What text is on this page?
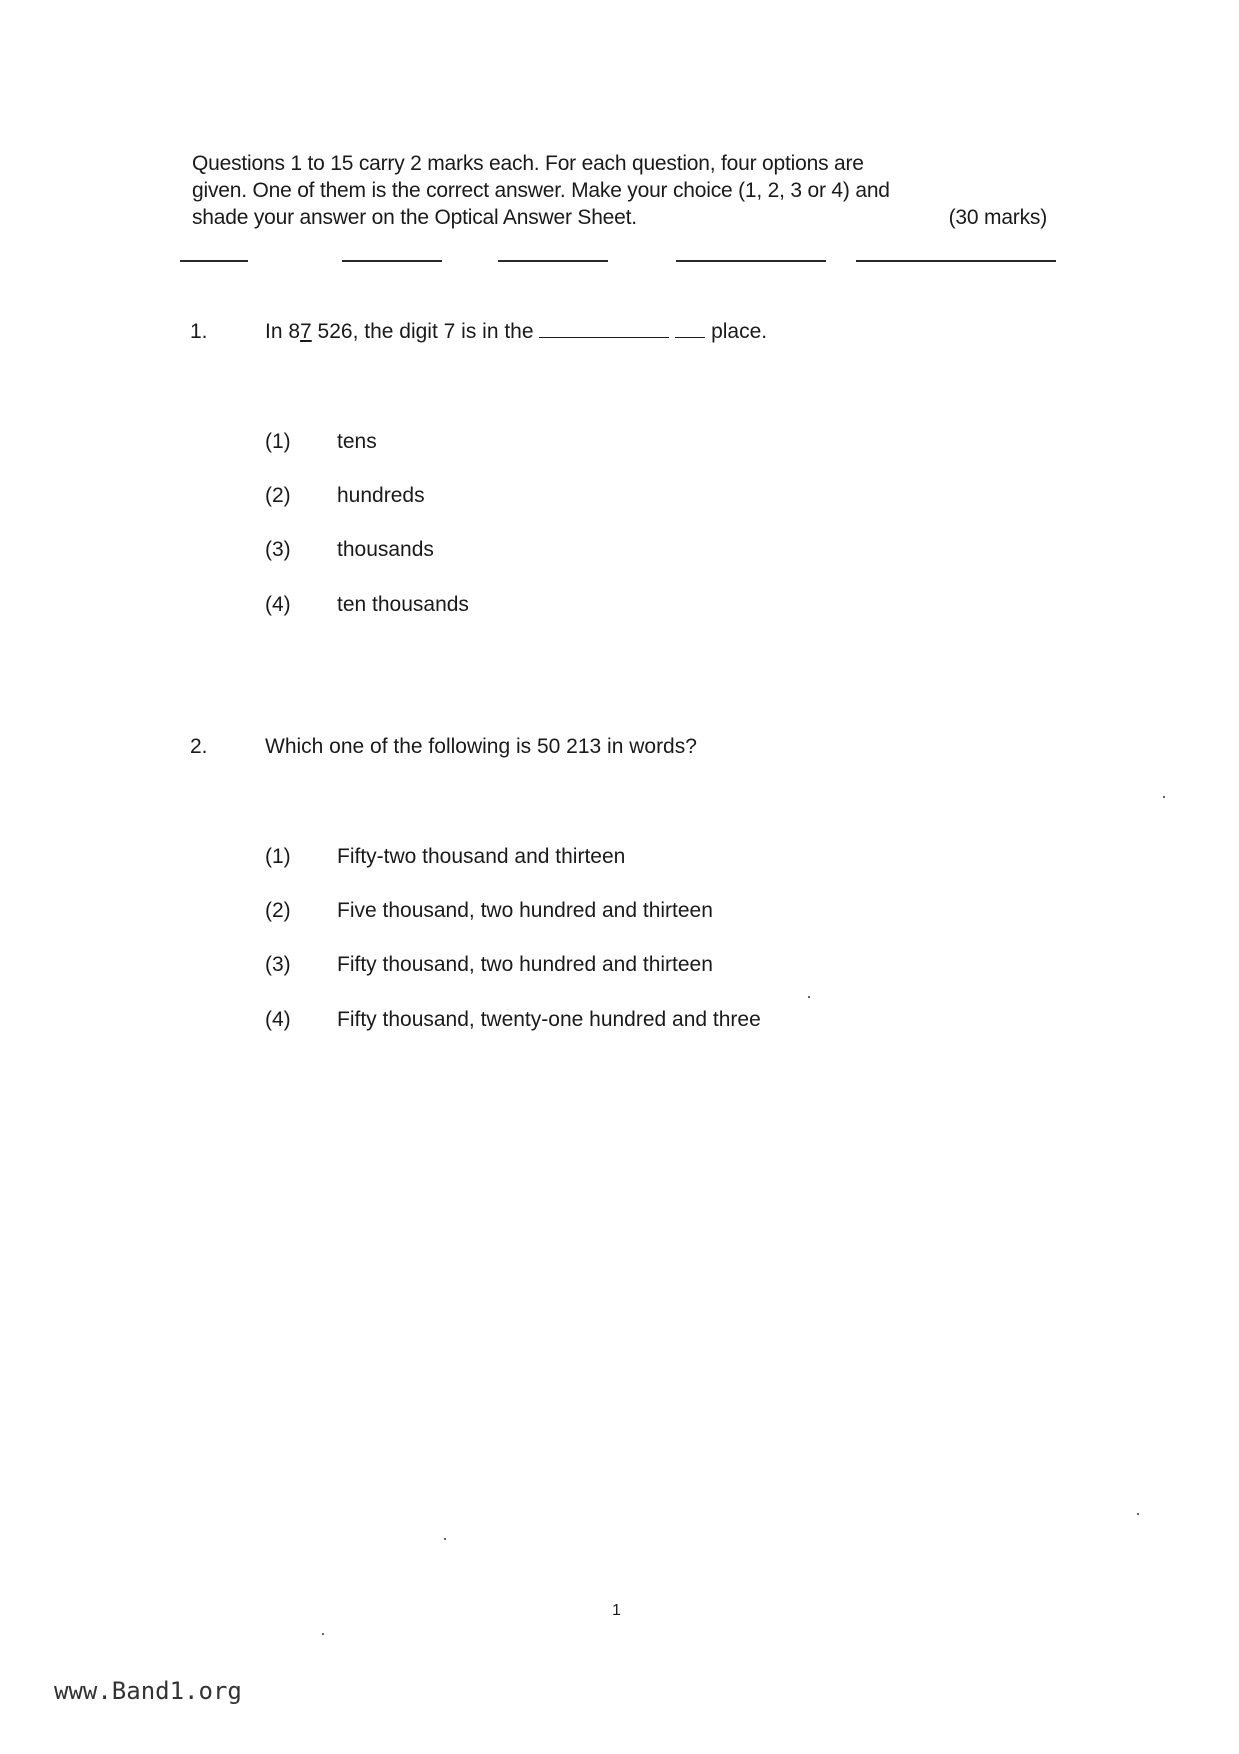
Questions 1 to 15 carry 2 marks each. For each question, four options are
given. One of them is the correct answer. Make your choice (1, 2, 3 or 4) and
shade your answer on the Optical Answer Sheet.	(30 marks)
1.	In 87 526, the digit 7 is in the	place.
(1) tens
(2) hundreds
(3) thousands
(4) ten thousands
2.	Which one of the following is 50 213 in words?
(1) Fifty-two thousand and thirteen
(2) Five thousand, two hundred and thirteen
(3) Fifty thousand, two hundred and thirteen
(4) Fifty thousand, twenty-one hundred and three
1
www.Band1.org
